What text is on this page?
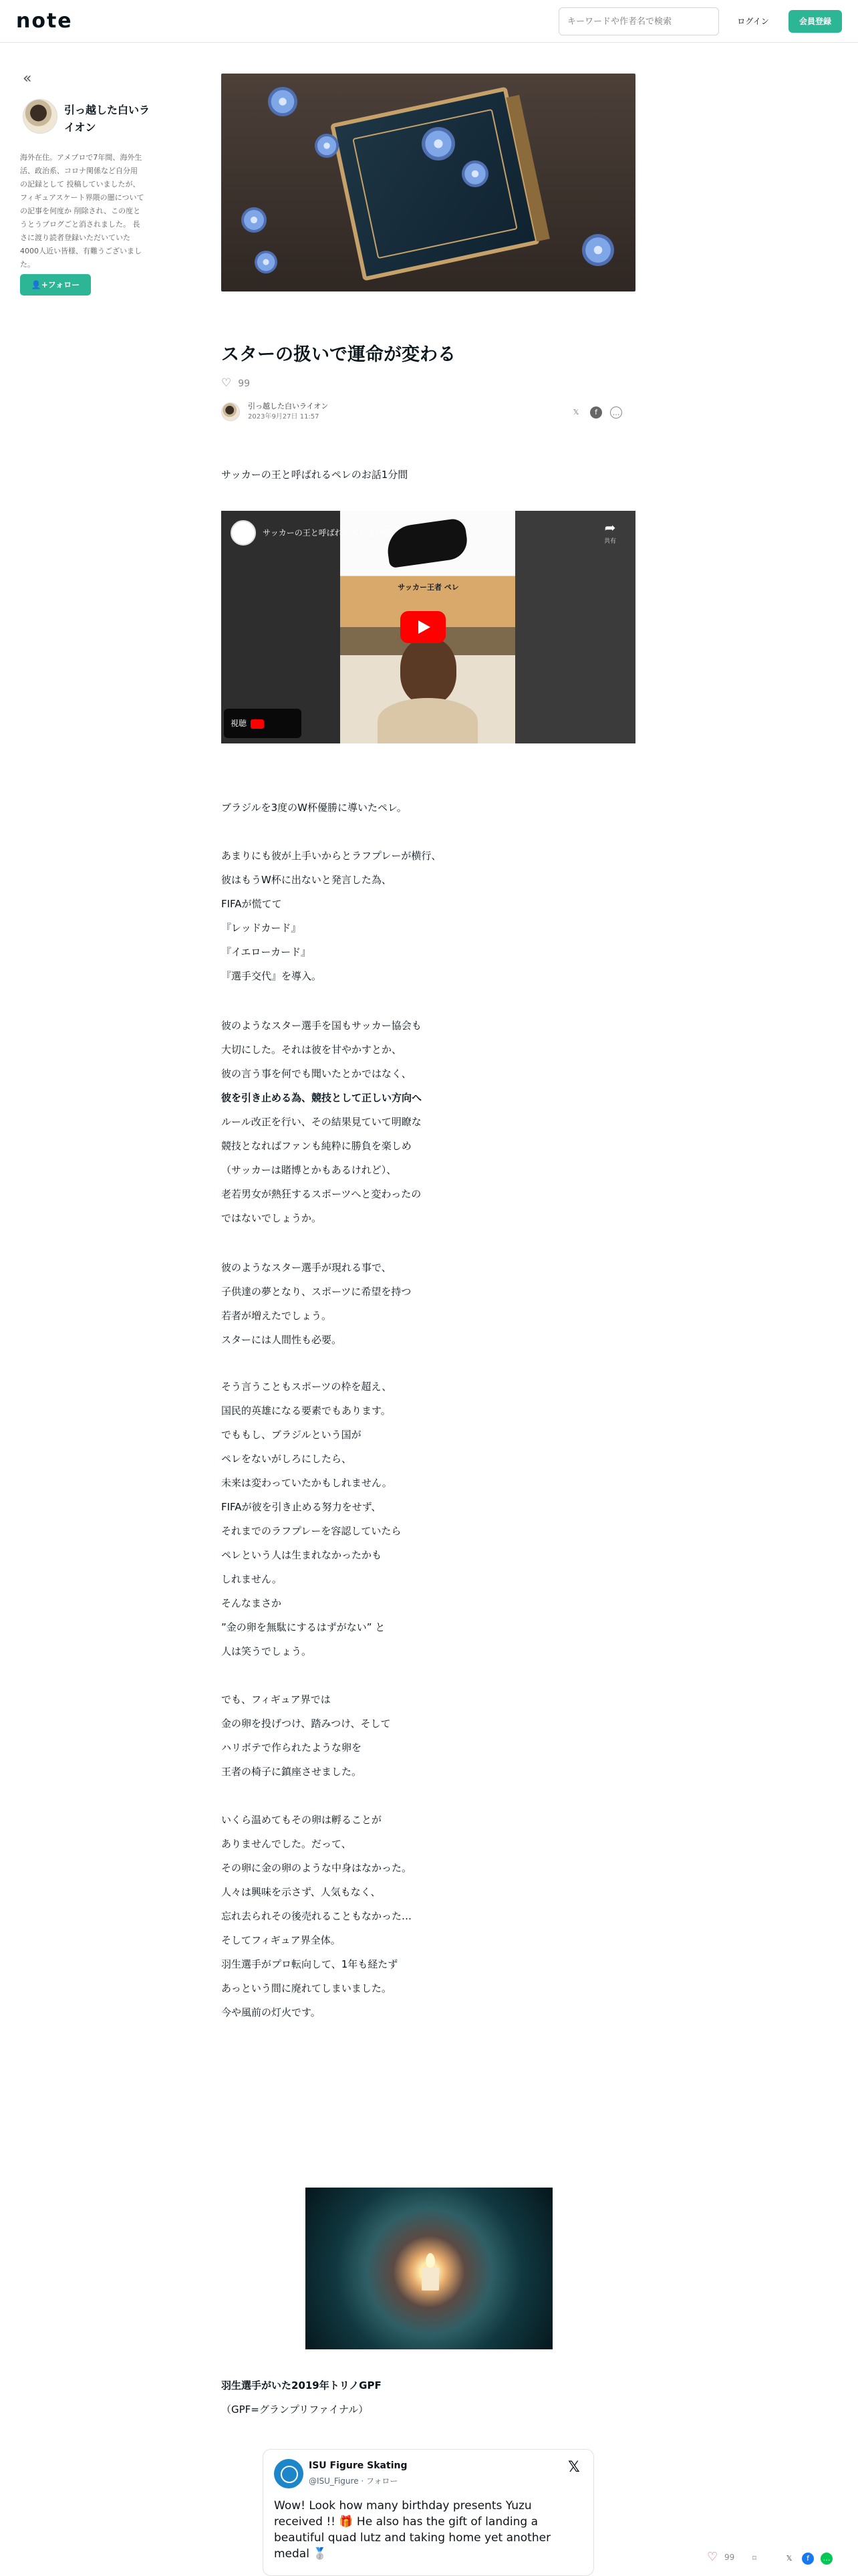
note
キーワードや作者名で検索	ログイン	会員登録
«
引っ越した白いライオン
海外在住。アメブロで7年間、海外生活、政治系、コロナ関係など自分用の記録として 投稿していましたが、フィギュアスケート界隈の闇についての記事を何度か 削除され、この度とうとうブログごと消されました。 長さに渡り読者登録いただいていた4000人近い皆様、有難うございました。
👤+フォロー
スターの扱いで運命が変わる
♡ 99
引っ越した白いライオン
2023年9月27日 11:57
𝕏	f	…
サッカーの王と呼ばれるペレのお話1分間
サッカー王者 ペレ
サッカーの王と呼ばれたペレ 1分間	➦
共有
視聴YouTube

ブラジルを3度のW杯優勝に導いたペレ。

あまりにも彼が上手いからとラフプレーが横行、

彼はもうW杯に出ないと発言した為、

FIFAが慌てて

『レッドカード』

『イエローカード』

『選手交代』を導入。

彼のようなスター選手を国もサッカー協会も

大切にした。それは彼を甘やかすとか、

彼の言う事を何でも聞いたとかではなく、

彼を引き止める為、競技として正しい方向へ

ルール改正を行い、その結果見ていて明瞭な

競技となればファンも純粋に勝負を楽しめ

（サッカーは賭博とかもあるけれど）、

老若男女が熱狂するスポーツへと変わったの

ではないでしょうか。

彼のようなスター選手が現れる事で、

子供達の夢となり、スポーツに希望を持つ

若者が増えたでしょう。

スターには人間性も必要。

そう言うこともスポーツの枠を超え、

国民的英雄になる要素でもあります。

でももし、ブラジルという国が

ペレをないがしろにしたら、

未来は変わっていたかもしれません。

FIFAが彼を引き止める努力をせず、

それまでのラフプレーを容認していたら

ペレという人は生まれなかったかも

しれません。

そんなまさか

”金の卵を無駄にするはずがない” と

人は笑うでしょう。

でも、フィギュア界では

金の卵を投げつけ、踏みつけ、そして

ハリボテで作られたような卵を

王者の椅子に鎮座させました。

いくら温めてもその卵は孵ることが

ありませんでした。だって、

その卵に金の卵のような中身はなかった。

人々は興味を示さず、人気もなく、

忘れ去られその後売れることもなかった…

そしてフィギュア界全体。

羽生選手がプロ転向して、1年も経たず

あっという間に廃れてしまいました。

今や風前の灯火です。

羽生選手がいた2019年​​トリノGPF

（GPF=グランプリファイナル）

ISU Figure Skating
@ISU_Figure · フォロー
𝕏
Wow! Look how many birthday presents Yuzu received !! 🎁 He also has the gift of landing a beautiful quad lutz and taking home yet another medal 🥈	♡ 99	⌑	𝕏	f	…
